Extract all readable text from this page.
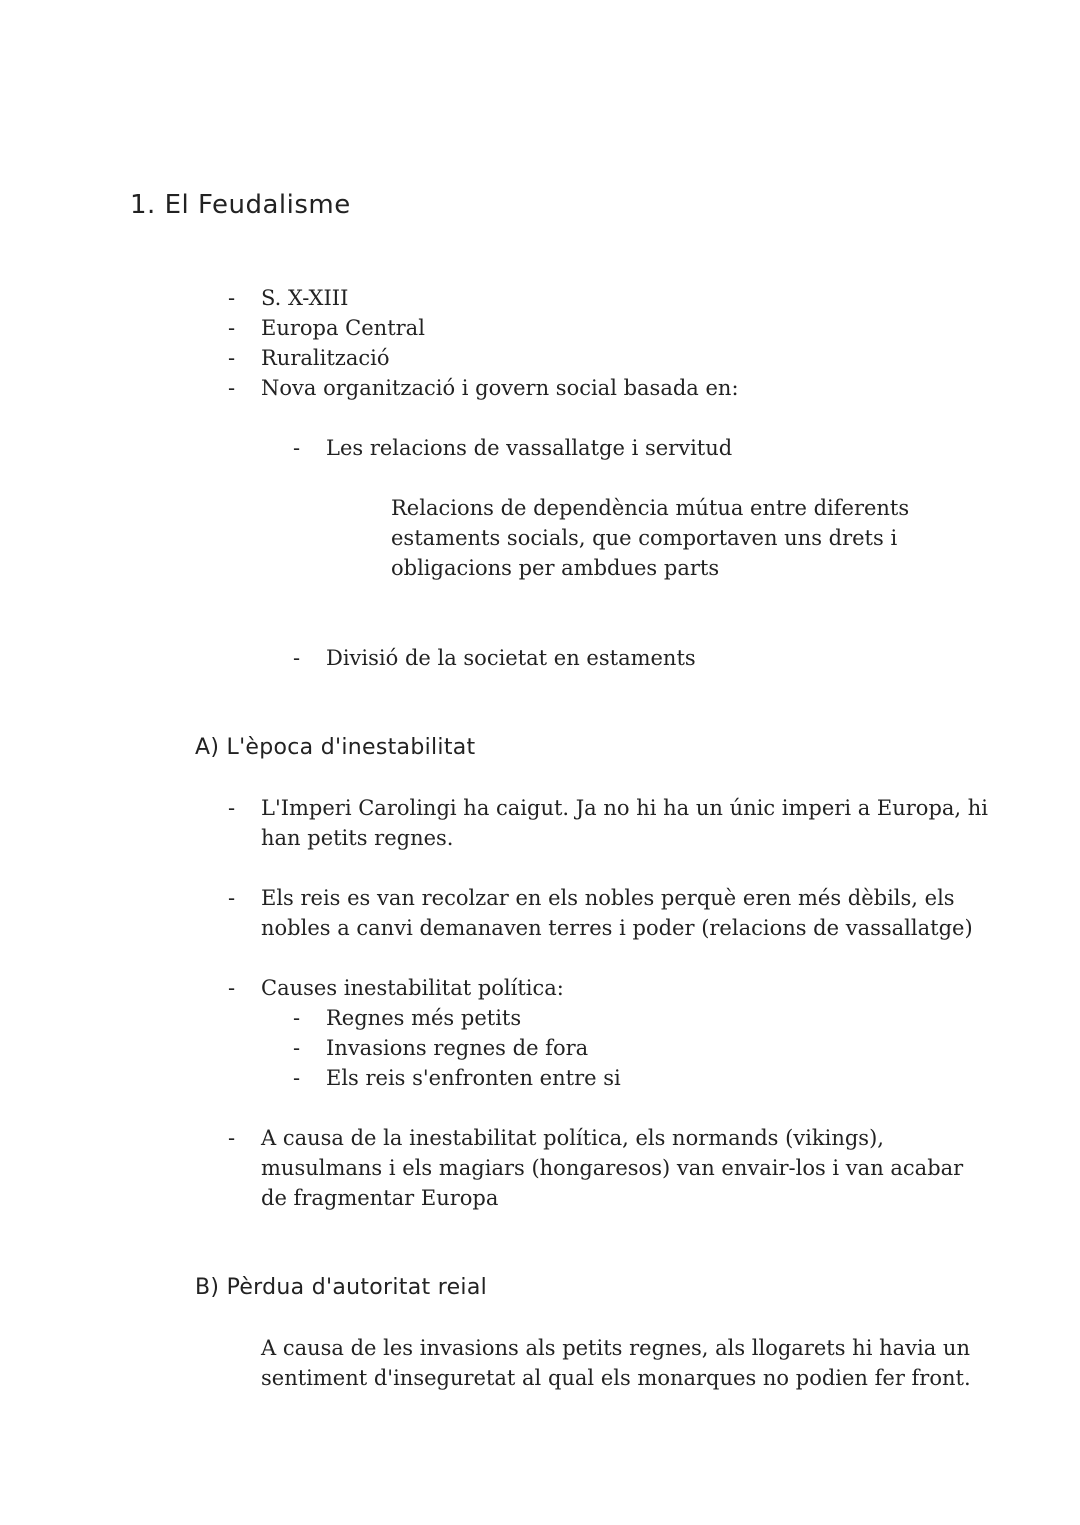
1. El Feudalisme
- S. X-XIII
- Europa Central
- Ruralització
- Nova organització i govern social basada en:
- Les relacions de vassallatge i servitud
Relacions de dependència mútua entre diferents
estaments socials, que comportaven uns drets i
obligacions per ambdues parts
- Divisió de la societat en estaments
A) L'època d'inestabilitat
- L'Imperi Carolingi ha caigut. Ja no hi ha un únic imperi a Europa, hi
han petits regnes.
- Els reis es van recolzar en els nobles perquè eren més dèbils, els
nobles a canvi demanaven terres i poder (relacions de vassallatge)
- Causes inestabilitat política:
- Regnes més petits
- Invasions regnes de fora
- Els reis s'enfronten entre si
- A causa de la inestabilitat política, els normands (vikings),
musulmans i els magiars (hongaresos) van envair-los i van acabar
de fragmentar Europa
B) Pèrdua d'autoritat reial
A causa de les invasions als petits regnes, als llogarets hi havia un
sentiment d'inseguretat al qual els monarques no podien fer front.
